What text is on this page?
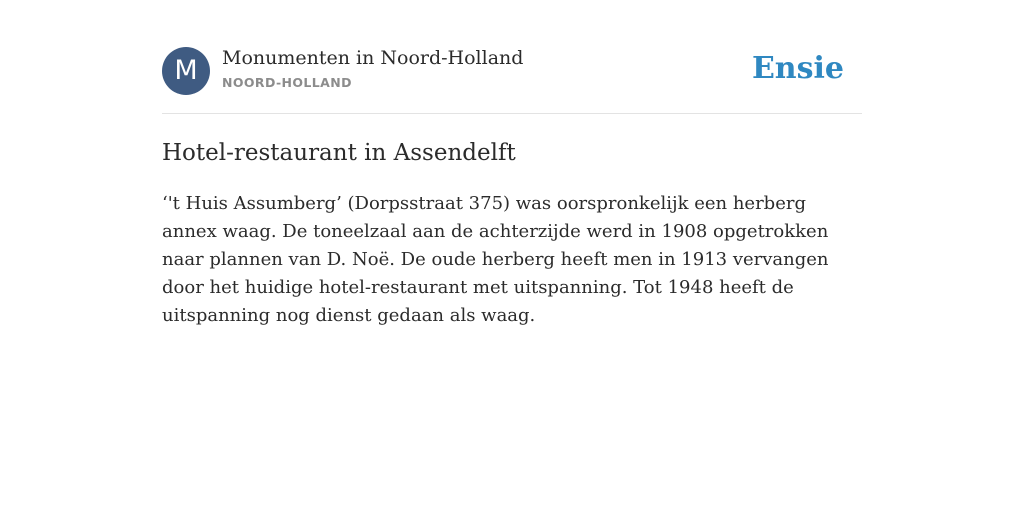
M	Monumenten in Noord-Holland
NOORD-HOLLAND	Ensie
Hotel-restaurant in Assendelft

‘'t Huis Assumberg’ (Dorpsstraat 375) was oorspronkelijk een herberg annex waag. De toneelzaal aan de achterzijde werd in 1908 opgetrokken naar plannen van D. Noë. De oude herberg heeft men in 1913 vervangen door het huidige hotel-restaurant met uitspanning. Tot 1948 heeft de uitspanning nog dienst gedaan als waag.
